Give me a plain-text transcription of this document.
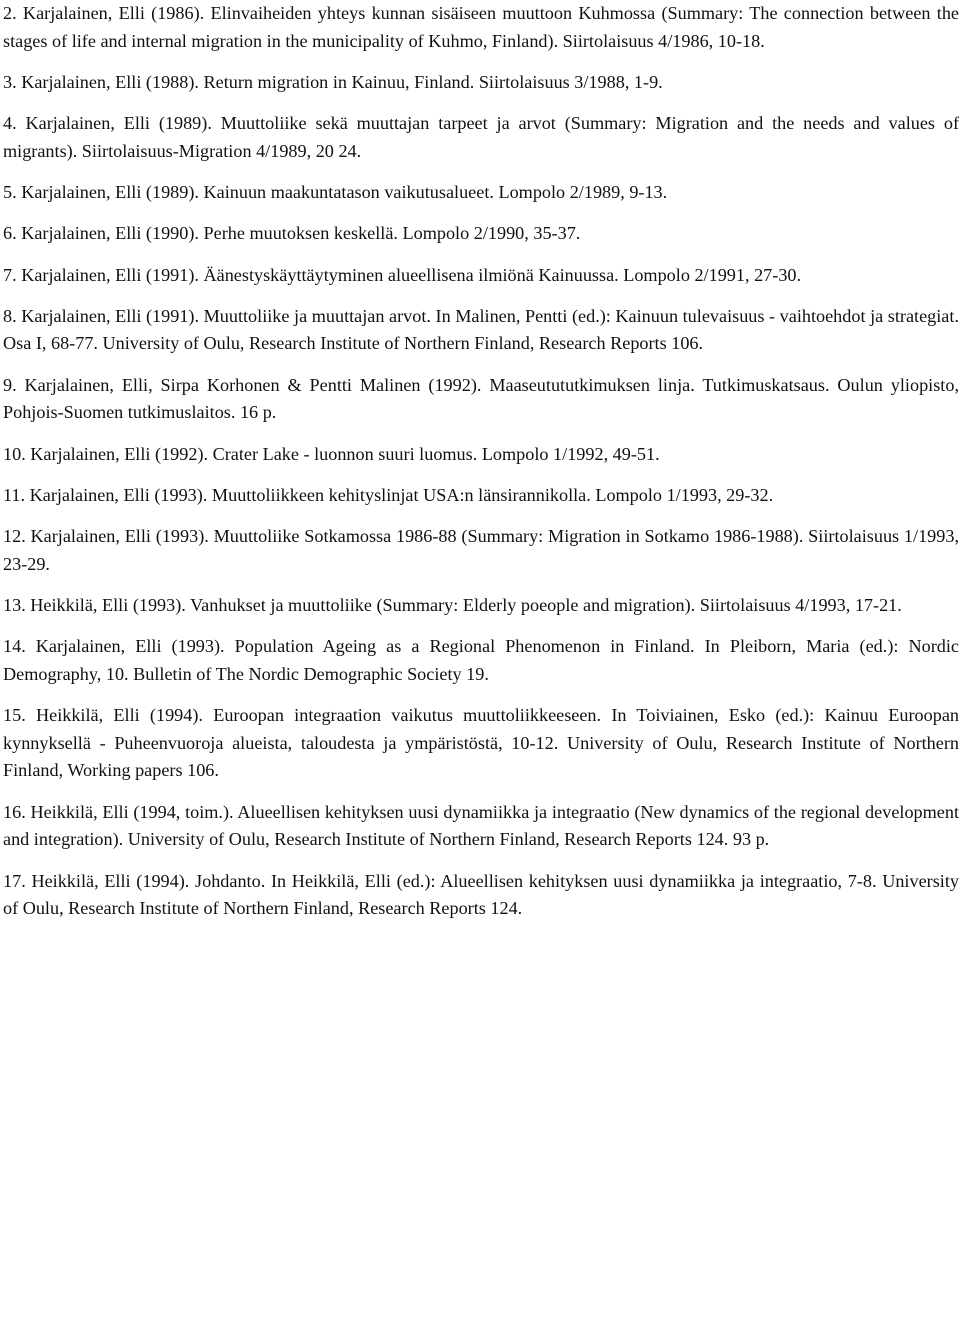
2. Karjalainen, Elli (1986). Elinvaiheiden yhteys kunnan sisäiseen muuttoon Kuhmossa (Summary: The connection between the stages of life and internal migration in the municipality of Kuhmo, Finland). Siirtolaisuus 4/1986, 10-18.

3. Karjalainen, Elli (1988). Return migration in Kainuu, Finland. Siirtolaisuus 3/1988, 1-9.

4. Karjalainen, Elli (1989). Muuttoliike sekä muuttajan tarpeet ja arvot (Summary: Migration and the needs and values of migrants). Siirtolaisuus-Migration 4/1989, 20 24.

5. Karjalainen, Elli (1989). Kainuun maakuntatason vaikutusalueet. Lompolo 2/1989, 9-13.

6. Karjalainen, Elli (1990). Perhe muutoksen keskellä. Lompolo 2/1990, 35-37.

7. Karjalainen, Elli (1991). Äänestyskäyttäytyminen alueellisena ilmiönä Kainuussa. Lompolo 2/1991, 27-30.

8. Karjalainen, Elli (1991). Muuttoliike ja muuttajan arvot. In Malinen, Pentti (ed.): Kainuun tulevaisuus - vaihtoehdot ja strategiat. Osa I, 68-77. University of Oulu, Research Institute of Northern Finland, Research Reports 106.

9. Karjalainen, Elli, Sirpa Korhonen & Pentti Malinen (1992). Maaseutututkimuksen linja. Tutkimuskatsaus. Oulun yliopisto, Pohjois-Suomen tutkimuslaitos. 16 p.

10. Karjalainen, Elli (1992). Crater Lake - luonnon suuri luomus. Lompolo 1/1992, 49-51.

11. Karjalainen, Elli (1993). Muuttoliikkeen kehityslinjat USA:n länsirannikolla. Lompolo 1/1993, 29-32.

12. Karjalainen, Elli (1993). Muuttoliike Sotkamossa 1986-88 (Summary: Migration in Sotkamo 1986-1988). Siirtolaisuus 1/1993, 23-29.

13. Heikkilä, Elli (1993). Vanhukset ja muuttoliike (Summary: Elderly poeople and migration). Siirtolaisuus 4/1993, 17-21.

14. Karjalainen, Elli (1993). Population Ageing as a Regional Phenomenon in Finland. In Pleiborn, Maria (ed.): Nordic Demography, 10. Bulletin of The Nordic Demographic Society 19.

15. Heikkilä, Elli (1994). Euroopan integraation vaikutus muuttoliikkeeseen. In Toiviainen, Esko (ed.): Kainuu Euroopan kynnyksellä - Puheenvuoroja alueista, taloudesta ja ympäristöstä, 10-12. University of Oulu, Research Institute of Northern Finland, Working papers 106.

16. Heikkilä, Elli (1994, toim.). Alueellisen kehityksen uusi dynamiikka ja integraatio (New dynamics of the regional development and integration). University of Oulu, Research Institute of Northern Finland, Research Reports 124. 93 p.

17. Heikkilä, Elli (1994). Johdanto. In Heikkilä, Elli (ed.): Alueellisen kehityksen uusi dynamiikka ja integraatio, 7-8. University of Oulu, Research Institute of Northern Finland, Research Reports 124.
